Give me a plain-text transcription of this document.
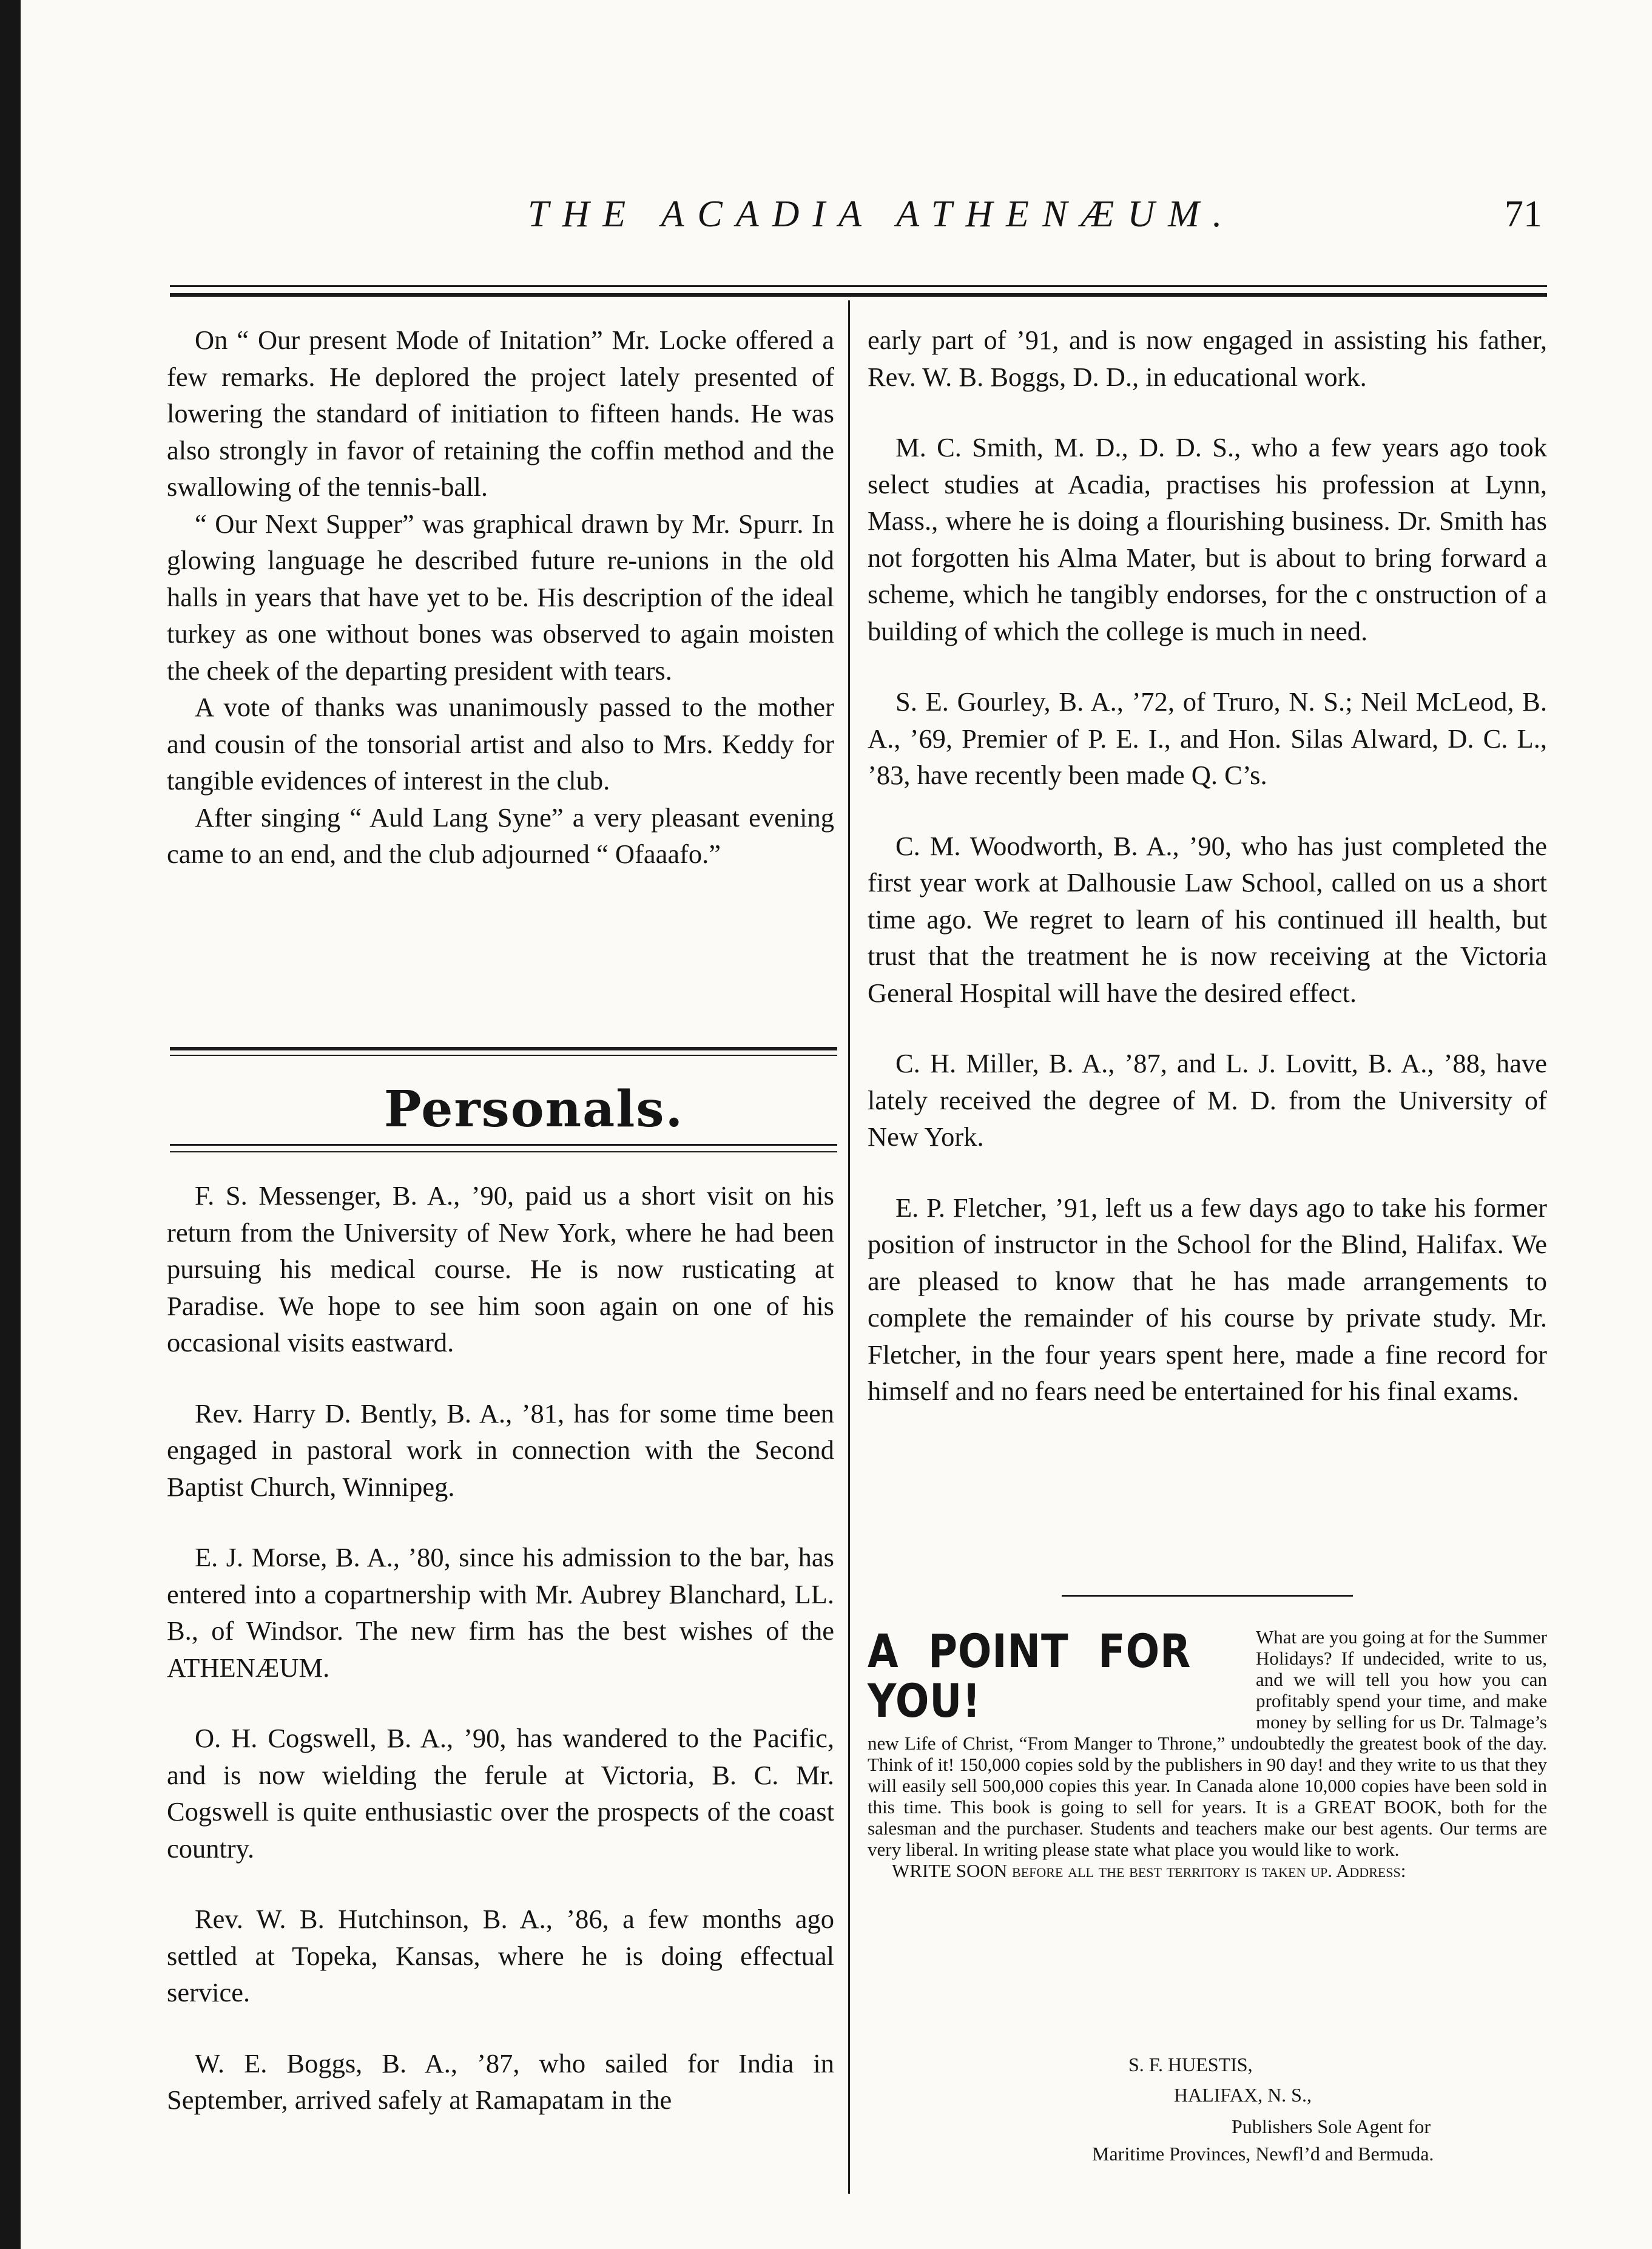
THE ACADIA ATHENÆUM.	71

On “ Our present Mode of Initation” Mr. Locke offered a few remarks. He deplored the project lately presented of lowering the standard of initiation to fifteen hands. He was also strongly in favor of retaining the coffin method and the swallowing of the tennis-ball.

“ Our Next Supper” was graphical drawn by Mr. Spurr. In glowing language he described future re-unions in the old halls in years that have yet to be. His description of the ideal turkey as one without bones was observed to again moisten the cheek of the departing president with tears.

A vote of thanks was unanimously passed to the mother and cousin of the tonsorial artist and also to Mrs. Keddy for tangible evidences of interest in the club.

After singing “ Auld Lang Syne” a very pleasant evening came to an end, and the club adjourned “ Ofaaafo.”

Personals.

F. S. Messenger, B. A., ’90, paid us a short visit on his return from the University of New York, where he had been pursuing his medical course. He is now rusticating at Paradise. We hope to see him soon again on one of his occasional visits eastward.

Rev. Harry D. Bently, B. A., ’81, has for some time been engaged in pastoral work in connection with the Second Baptist Church, Winnipeg.

E. J. Morse, B. A., ’80, since his admission to the bar, has entered into a copartnership with Mr. Aubrey Blanchard, LL. B., of Windsor. The new firm has the best wishes of the ATHENÆUM.

O. H. Cogswell, B. A., ’90, has wandered to the Pacific, and is now wielding the ferule at Victoria, B. C. Mr. Cogswell is quite enthusiastic over the prospects of the coast country.

Rev. W. B. Hutchinson, B. A., ’86, a few months ago settled at Topeka, Kansas, where he is doing effectual service.

W. E. Boggs, B. A., ’87, who sailed for India in September, arrived safely at Ramapatam in the

early part of ’91, and is now engaged in assisting his father, Rev. W. B. Boggs, D. D., in educational work.

M. C. Smith, M. D., D. D. S., who a few years ago took select studies at Acadia, practises his profession at Lynn, Mass., where he is doing a flourishing business. Dr. Smith has not forgotten his Alma Mater, but is about to bring forward a scheme, which he tangibly endorses, for the c onstruction of a building of which the college is much in need.

S. E. Gourley, B. A., ’72, of Truro, N. S.; Neil McLeod, B. A., ’69, Premier of P. E. I., and Hon. Silas Alward, D. C. L., ’83, have recently been made Q. C’s.

C. M. Woodworth, B. A., ’90, who has just completed the first year work at Dalhousie Law School, called on us a short time ago. We regret to learn of his continued ill health, but trust that the treatment he is now receiving at the Victoria General Hospital will have the desired effect.

C. H. Miller, B. A., ’87, and L. J. Lovitt, B. A., ’88, have lately received the degree of M. D. from the University of New York.

E. P. Fletcher, ’91, left us a few days ago to take his former position of instructor in the School for the Blind, Halifax. We are pleased to know that he has made arrangements to complete the remainder of his course by private study. Mr. Fletcher, in the four years spent here, made a fine record for himself and no fears need be entertained for his final exams.

A POINT FOR YOU!

What are you going at for the Summer Holidays? If undecided, write to us, and we will tell you how you can profitably spend your time, and make money by selling for us Dr. Talmage’s new Life of Christ, “From Manger to Throne,” undoubtedly the greatest book of the day. Think of it! 150,000 copies sold by the publishers in 90 day! and they write to us that they will easily sell 500,000 copies this year. In Canada alone 10,000 copies have been sold in this time. This book is going to sell for years. It is a GREAT BOOK, both for the salesman and the purchaser. Students and teachers make our best agents. Our terms are very liberal. In writing please state what place you would like to work.

WRITE SOON before all the best territory is taken up. Address:

S. F. HUESTIS,
HALIFAX, N. S.,
Publishers Sole Agent for
Maritime Provinces, Newfl’d and Bermuda.
